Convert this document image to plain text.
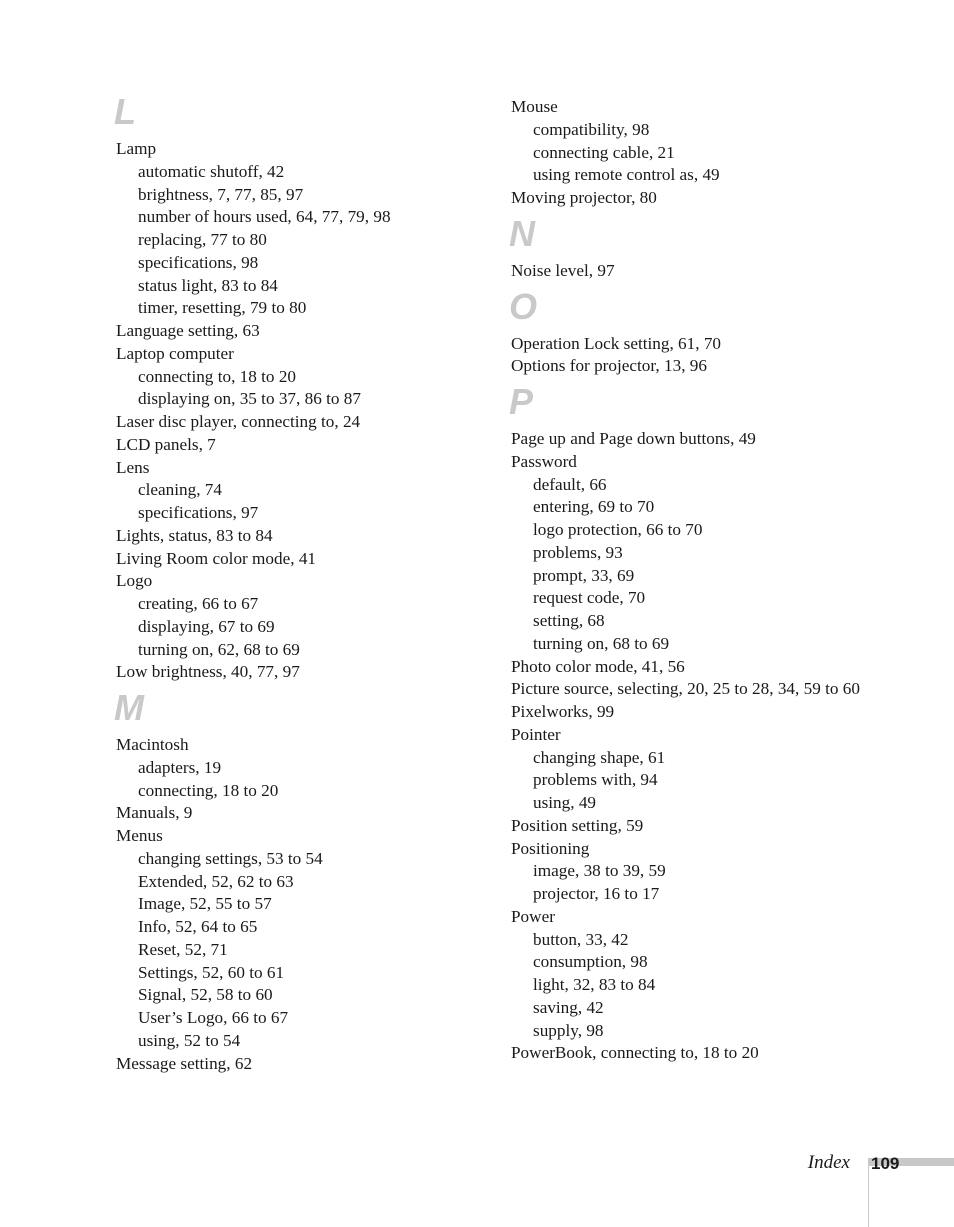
L
Lamp
automatic shutoff, 42
brightness, 7, 77, 85, 97
number of hours used, 64, 77, 79, 98
replacing, 77 to 80
specifications, 98
status light, 83 to 84
timer, resetting, 79 to 80
Language setting, 63
Laptop computer
connecting to, 18 to 20
displaying on, 35 to 37, 86 to 87
Laser disc player, connecting to, 24
LCD panels, 7
Lens
cleaning, 74
specifications, 97
Lights, status, 83 to 84
Living Room color mode, 41
Logo
creating, 66 to 67
displaying, 67 to 69
turning on, 62, 68 to 69
Low brightness, 40, 77, 97
M
Macintosh
adapters, 19
connecting, 18 to 20
Manuals, 9
Menus
changing settings, 53 to 54
Extended, 52, 62 to 63
Image, 52, 55 to 57
Info, 52, 64 to 65
Reset, 52, 71
Settings, 52, 60 to 61
Signal, 52, 58 to 60
User’s Logo, 66 to 67
using, 52 to 54
Message setting, 62
Mouse
compatibility, 98
connecting cable, 21
using remote control as, 49
Moving projector, 80
N
Noise level, 97
O
Operation Lock setting, 61, 70
Options for projector, 13, 96
P
Page up and Page down buttons, 49
Password
default, 66
entering, 69 to 70
logo protection, 66 to 70
problems, 93
prompt, 33, 69
request code, 70
setting, 68
turning on, 68 to 69
Photo color mode, 41, 56
Picture source, selecting, 20, 25 to 28, 34, 59 to 60
Pixelworks, 99
Pointer
changing shape, 61
problems with, 94
using, 49
Position setting, 59
Positioning
image, 38 to 39, 59
projector, 16 to 17
Power
button, 33, 42
consumption, 98
light, 32, 83 to 84
saving, 42
supply, 98
PowerBook, connecting to, 18 to 20
Index 109
